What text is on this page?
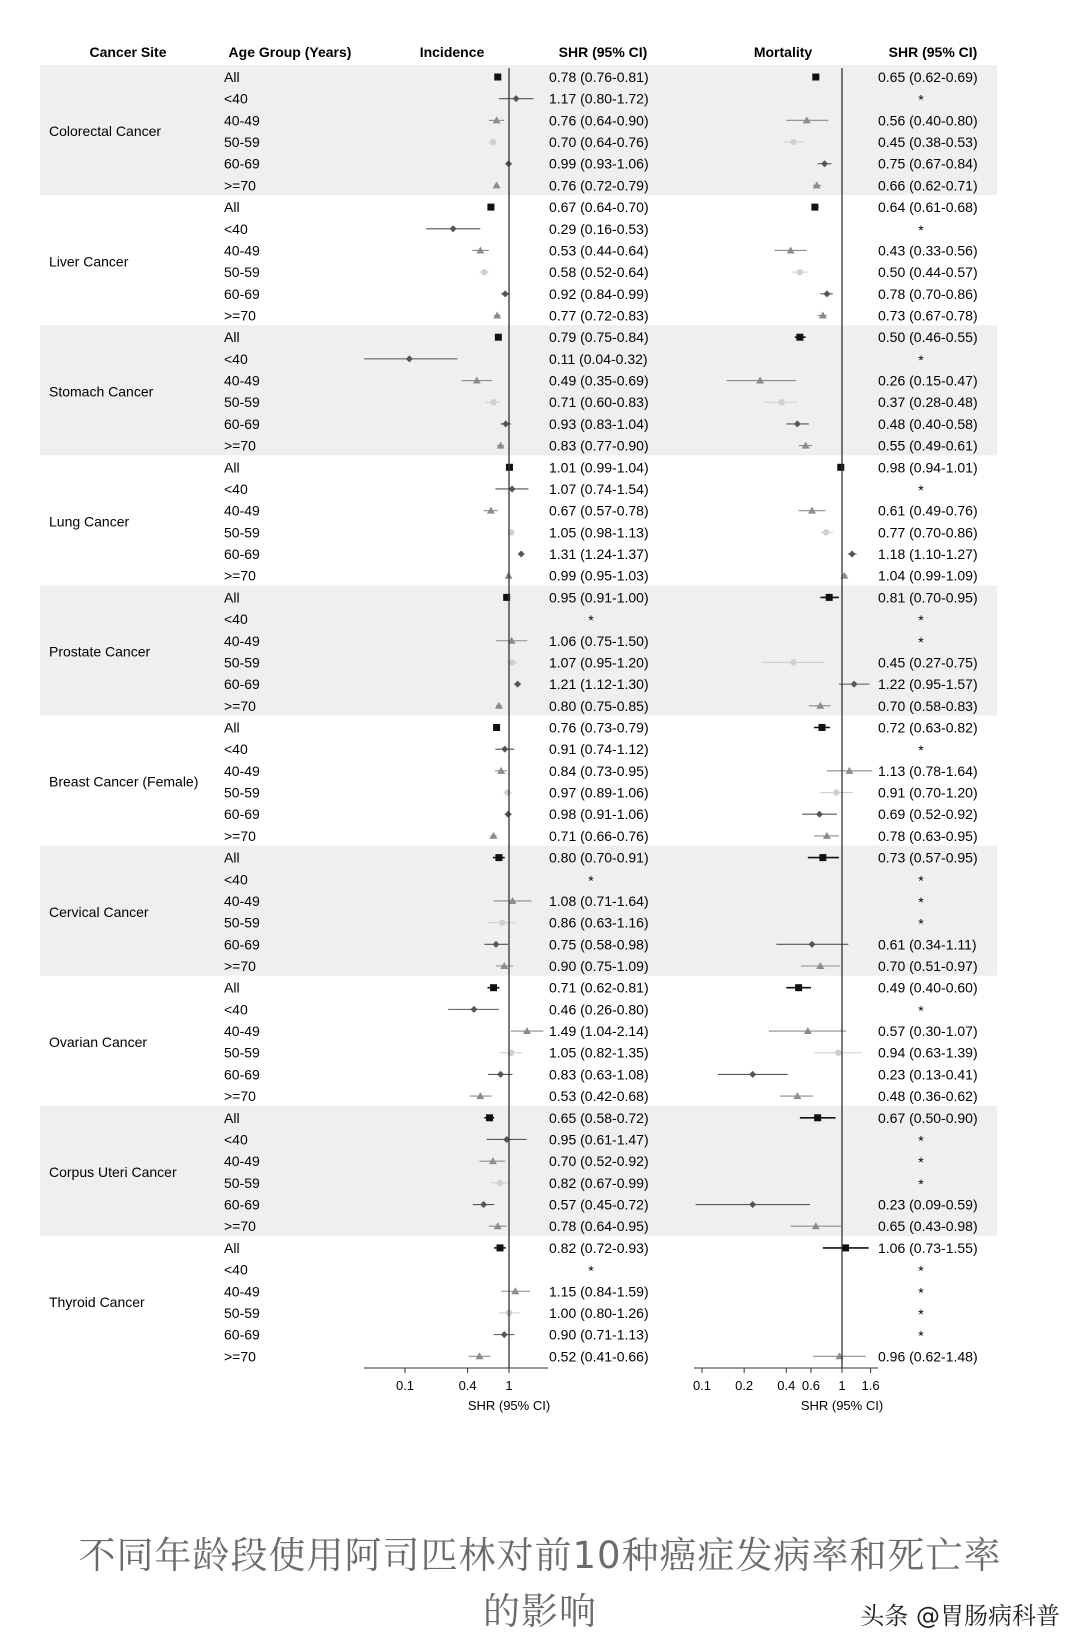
Cancer Site	Age Group (Years)	Incidence	SHR (95% CI)	Mortality	SHR (95% CI)
Colorectal Cancer
All	0.78 (0.76-0.81)	0.65 (0.62-0.69)
<40	1.17 (0.80-1.72)	*
40-49	0.76 (0.64-0.90)	0.56 (0.40-0.80)
50-59	0.70 (0.64-0.76)	0.45 (0.38-0.53)
60-69	0.99 (0.93-1.06)	0.75 (0.67-0.84)
>=70	0.76 (0.72-0.79)	0.66 (0.62-0.71)
Liver Cancer
All	0.67 (0.64-0.70)	0.64 (0.61-0.68)
<40	0.29 (0.16-0.53)	*
40-49	0.53 (0.44-0.64)	0.43 (0.33-0.56)
50-59	0.58 (0.52-0.64)	0.50 (0.44-0.57)
60-69	0.92 (0.84-0.99)	0.78 (0.70-0.86)
>=70	0.77 (0.72-0.83)	0.73 (0.67-0.78)
Stomach Cancer
All	0.79 (0.75-0.84)	0.50 (0.46-0.55)
<40	0.11 (0.04-0.32)	*
40-49	0.49 (0.35-0.69)	0.26 (0.15-0.47)
50-59	0.71 (0.60-0.83)	0.37 (0.28-0.48)
60-69	0.93 (0.83-1.04)	0.48 (0.40-0.58)
>=70	0.83 (0.77-0.90)	0.55 (0.49-0.61)
Lung Cancer
All	1.01 (0.99-1.04)	0.98 (0.94-1.01)
<40	1.07 (0.74-1.54)	*
40-49	0.67 (0.57-0.78)	0.61 (0.49-0.76)
50-59	1.05 (0.98-1.13)	0.77 (0.70-0.86)
60-69	1.31 (1.24-1.37)	1.18 (1.10-1.27)
>=70	0.99 (0.95-1.03)	1.04 (0.99-1.09)
Prostate Cancer
All	0.95 (0.91-1.00)	0.81 (0.70-0.95)
<40	*	*
40-49	1.06 (0.75-1.50)	*
50-59	1.07 (0.95-1.20)	0.45 (0.27-0.75)
60-69	1.21 (1.12-1.30)	1.22 (0.95-1.57)
>=70	0.80 (0.75-0.85)	0.70 (0.58-0.83)
Breast Cancer (Female)
All	0.76 (0.73-0.79)	0.72 (0.63-0.82)
<40	0.91 (0.74-1.12)	*
40-49	0.84 (0.73-0.95)	1.13 (0.78-1.64)
50-59	0.97 (0.89-1.06)	0.91 (0.70-1.20)
60-69	0.98 (0.91-1.06)	0.69 (0.52-0.92)
>=70	0.71 (0.66-0.76)	0.78 (0.63-0.95)
Cervical Cancer
All	0.80 (0.70-0.91)	0.73 (0.57-0.95)
<40	*	*
40-49	1.08 (0.71-1.64)	*
50-59	0.86 (0.63-1.16)	*
60-69	0.75 (0.58-0.98)	0.61 (0.34-1.11)
>=70	0.90 (0.75-1.09)	0.70 (0.51-0.97)
Ovarian Cancer
All	0.71 (0.62-0.81)	0.49 (0.40-0.60)
<40	0.46 (0.26-0.80)	*
40-49	1.49 (1.04-2.14)	0.57 (0.30-1.07)
50-59	1.05 (0.82-1.35)	0.94 (0.63-1.39)
60-69	0.83 (0.63-1.08)	0.23 (0.13-0.41)
>=70	0.53 (0.42-0.68)	0.48 (0.36-0.62)
Corpus Uteri Cancer
All	0.65 (0.58-0.72)	0.67 (0.50-0.90)
<40	0.95 (0.61-1.47)	*
40-49	0.70 (0.52-0.92)	*
50-59	0.82 (0.67-0.99)	*
60-69	0.57 (0.45-0.72)	0.23 (0.09-0.59)
>=70	0.78 (0.64-0.95)	0.65 (0.43-0.98)
Thyroid Cancer
All	0.82 (0.72-0.93)	1.06 (0.73-1.55)
<40	*	*
40-49	1.15 (0.84-1.59)	*
50-59	1.00 (0.80-1.26)	*
60-69	0.90 (0.71-1.13)	*
>=70	0.52 (0.41-0.66)	0.96 (0.62-1.48)
0.1	0.4 1
SHR (95% CI)
0.1 0.2 0.4 0.6 1 1.6
SHR (95% CI)
不同年龄段使用阿司匹林对前10种癌症发病率和死亡率
的影响	头条 @胃肠病科普
